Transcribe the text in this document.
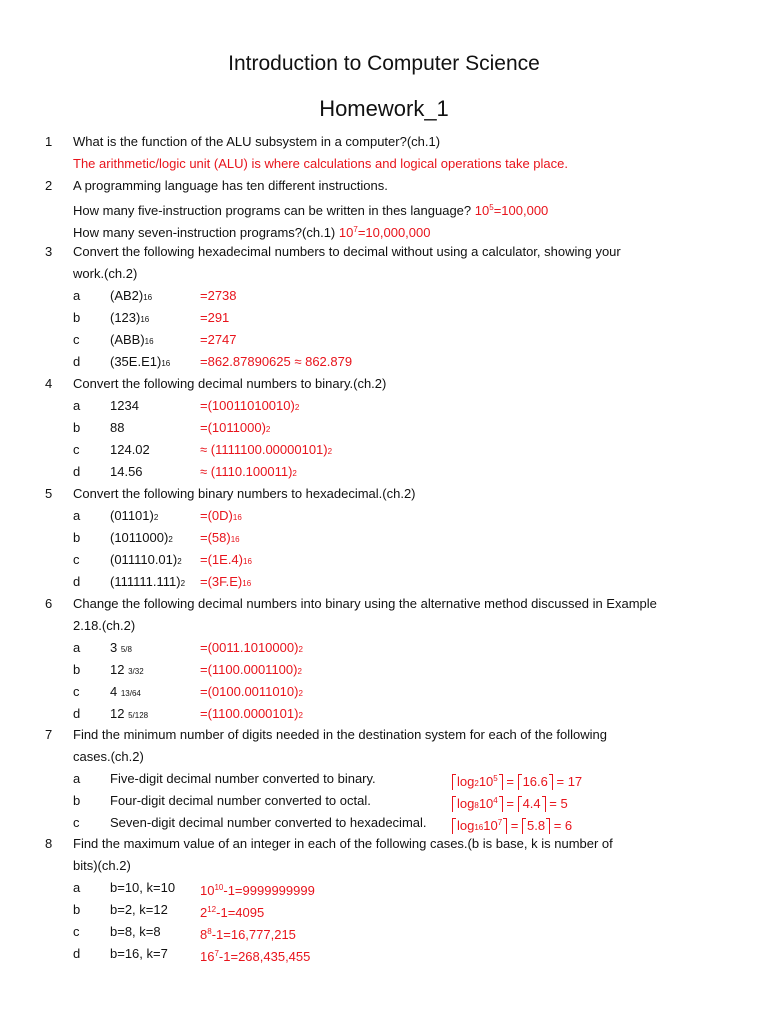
Introduction to Computer Science
Homework_1
1	What is the function of the ALU subsystem in a computer?(ch.1)
The arithmetic/logic unit (ALU) is where calculations and logical operations take place.
2	A programming language has ten different instructions.
How many five-instruction programs can be written in thes language? $10^5=100,000$
How many seven-instruction programs?(ch.1) $10^7=10,000,000$
3	Convert the following hexadecimal numbers to decimal without using a calculator, showing your
work.(ch.2)
a (AB2)16	=2738
b (123)16	=291
c (ABB)16	=2747
d (35E.E1)16 =862.87890625 ≈ 862.879
4	Convert the following decimal numbers to binary.(ch.2)
a 1234	=(10011010010)2
b 88	=(1011000)2
c 124.02	≈ (1111100.00000101)2
d 14.56	≈ (1110.100011)2
5	Convert the following binary numbers to hexadecimal.(ch.2)
a (01101)2	=(0D)16
b (1011000)2 =(58)16
c (011110.01)2 =(1E.4)16
d (111111.111)2 =(3F.E)16
6	Change the following decimal numbers into binary using the alternative method discussed in Example
2.18.(ch.2)
a 3 5/8	=(0011.1010000)2
b 12 3/32	=(1100.0001100)2
c 4 13/64	=(0100.0011010)2
d 12 5/128	=(1100.0000101)2
7	Find the minimum number of digits needed in the destination system for each of the following
cases.(ch.2)
a Five-digit decimal number converted to binary.	$\log 210^5 = 16.6 = 17$
b Four-digit decimal number converted to octal.	$\log 810^4 = 4.4 = 5$
c Seven-digit decimal number converted to hexadecimal.	$\log 1610^7 = 5.8 = 6$
8	Find the maximum value of an integer in each of the following cases.(b is base, k is number of
bits)(ch.2)
a b=10, k=10 $10^{10}-1=9999999999$
b b=2, k=12 $2^{12}-1=4095$
c b=8, k=8	$8^8-1=16,777,215$
d b=16, k=7 $16^7-1=268,435,455$
